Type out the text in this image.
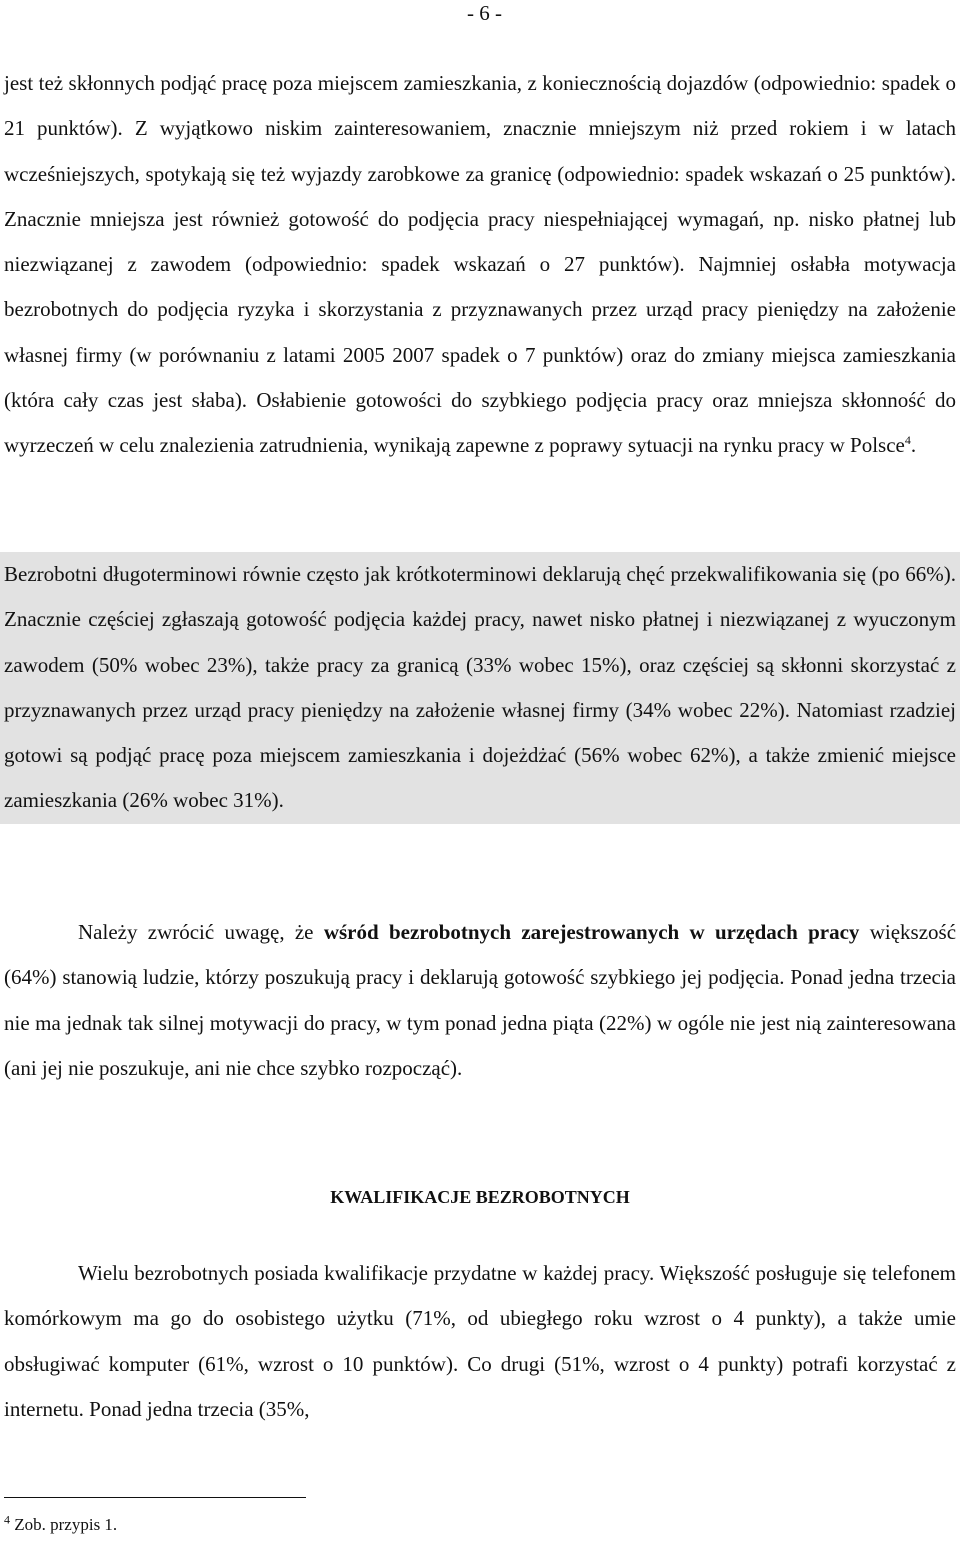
- 6 -

jest też skłonnych podjąć pracę poza miejscem zamieszkania, z koniecznością dojazdów (odpowiednio: spadek o 21 punktów). Z wyjątkowo niskim zainteresowaniem, znacznie mniejszym niż przed rokiem i w latach wcześniejszych, spotykają się też wyjazdy zarobkowe za granicę (odpowiednio: spadek wskazań o 25 punktów). Znacznie mniejsza jest również gotowość do podjęcia pracy niespełniającej wymagań, np. nisko płatnej lub niezwiązanej z zawodem (odpowiednio: spadek wskazań o 27 punktów). Najmniej osłabła motywacja bezrobotnych do podjęcia ryzyka i skorzystania z przyznawanych przez urząd pracy pieniędzy na założenie własnej firmy (w porównaniu z latami 2005 2007 spadek o 7 punktów) oraz do zmiany miejsca zamieszkania (która cały czas jest słaba). Osłabienie gotowości do szybkiego podjęcia pracy oraz mniejsza skłonność do wyrzeczeń w celu znalezienia zatrudnienia, wynikają zapewne z poprawy sytuacji na rynku pracy w Polsce$^4$.

Bezrobotni długoterminowi równie często jak krótkoterminowi deklarują chęć przekwalifikowania się (po 66%). Znacznie częściej zgłaszają gotowość podjęcia każdej pracy, nawet nisko płatnej i niezwiązanej z wyuczonym zawodem (50% wobec 23%), także pracy za granicą (33% wobec 15%), oraz częściej są skłonni skorzystać z przyznawanych przez urząd pracy pieniędzy na założenie własnej firmy (34% wobec 22%). Natomiast rzadziej gotowi są podjąć pracę poza miejscem zamieszkania i dojeżdżać (56% wobec 62%), a także zmienić miejsce zamieszkania (26% wobec 31%).

Należy zwrócić uwagę, że wśród bezrobotnych zarejestrowanych w urzędach pracy większość (64%) stanowią ludzie, którzy poszukują pracy i deklarują gotowość szybkiego jej podjęcia. Ponad jedna trzecia nie ma jednak tak silnej motywacji do pracy, w tym ponad jedna piąta (22%) w ogóle nie jest nią zainteresowana (ani jej nie poszukuje, ani nie chce szybko rozpocząć).

KWALIFIKACJE BEZROBOTNYCH

Wielu bezrobotnych posiada kwalifikacje przydatne w każdej pracy. Większość posługuje się telefonem komórkowym ma go do osobistego użytku (71%, od ubiegłego roku wzrost o 4 punkty), a także umie obsługiwać komputer (61%, wzrost o 10 punktów). Co drugi (51%, wzrost o 4 punkty) potrafi korzystać z internetu. Ponad jedna trzecia (35%,

$^4$ Zob. przypis 1.
